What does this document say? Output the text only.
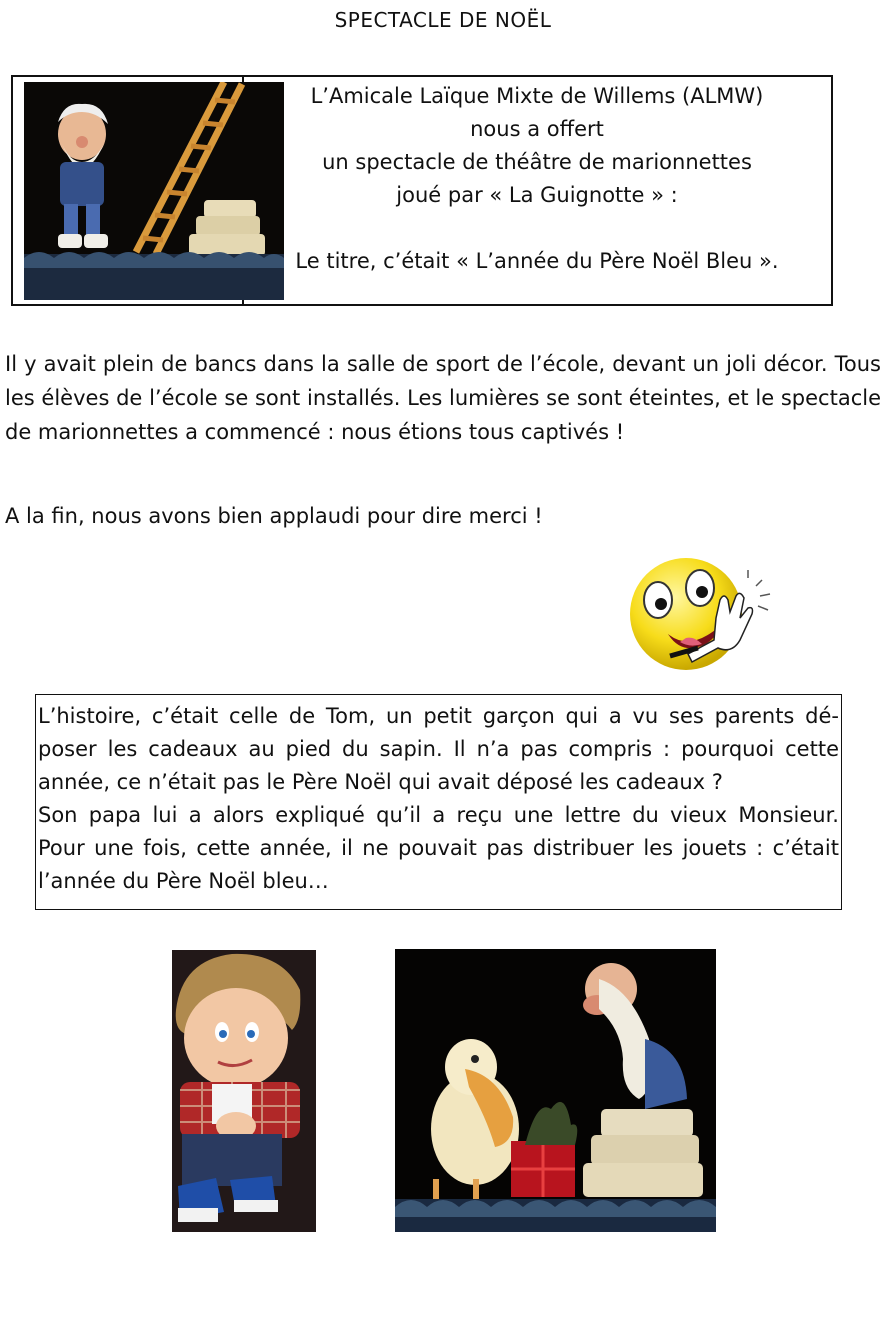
SPECTACLE DE NOËL

L’Amicale Laïque Mixte de Willems (ALMW)

nous a offert

un spectacle de théâtre de marionnettes

joué par « La Guignotte » :

Le titre, c’était « L’année du Père Noël Bleu ».

Il y avait plein de bancs dans la salle de sport de l’école, devant un joli décor. Tous les élèves de l’école se sont installés. Les lumières se sont éteintes, et le spectacle de marionnettes a commencé : nous étions tous captivés !

A la fin, nous avons bien applaudi pour dire merci !

L’histoire, c’était celle de Tom, un petit garçon qui a vu ses parents dé-

poser les cadeaux au pied du sapin. Il n’a pas compris : pourquoi cette

année, ce n’était pas le Père Noël qui avait déposé les cadeaux ?

Son papa lui a alors expliqué qu’il a reçu une lettre du vieux Monsieur.

Pour une fois, cette année, il ne pouvait pas distribuer les jouets : c’était

l’année du Père Noël bleu…
